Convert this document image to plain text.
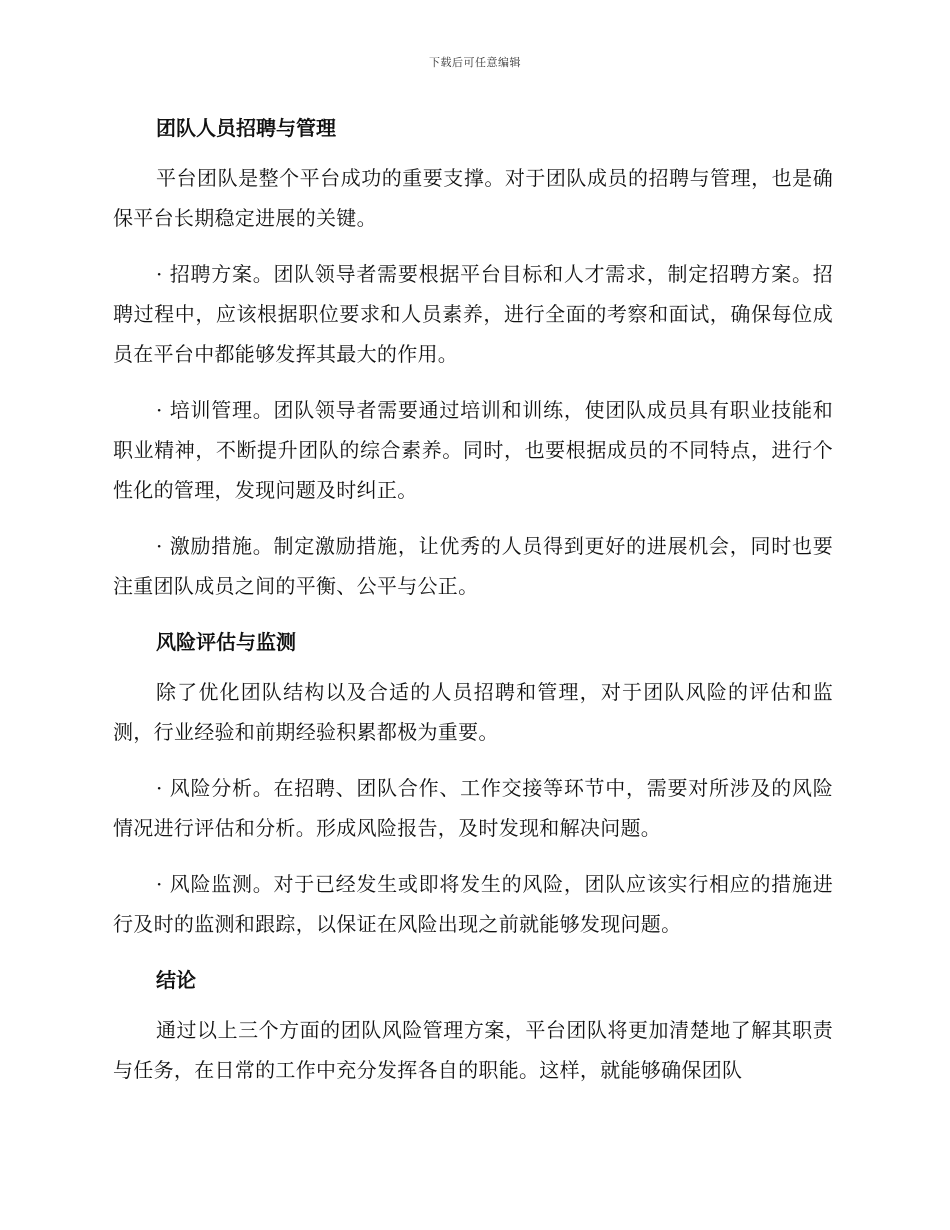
下载后可任意编辑
团队人员招聘与管理

平台团队是整个平台成功的重要支撑。对于团队成员的招聘与管理，也是确保平台长期稳定进展的关键。

· 招聘方案。团队领导者需要根据平台目标和人才需求，制定招聘方案。招聘过程中，应该根据职位要求和人员素养，进行全面的考察和面试，确保每位成员在平台中都能够发挥其最大的作用。

· 培训管理。团队领导者需要通过培训和训练，使团队成员具有职业技能和职业精神，不断提升团队的综合素养。同时，也要根据成员的不同特点，进行个性化的管理，发现问题及时纠正。

· 激励措施。制定激励措施，让优秀的人员得到更好的进展机会，同时也要注重团队成员之间的平衡、公平与公正。

风险评估与监测

除了优化团队结构以及合适的人员招聘和管理，对于团队风险的评估和监测，行业经验和前期经验积累都极为重要。

· 风险分析。在招聘、团队合作、工作交接等环节中，需要对所涉及的风险情况进行评估和分析。形成风险报告，及时发现和解决问题。

· 风险监测。对于已经发生或即将发生的风险，团队应该实行相应的措施进行及时的监测和跟踪，以保证在风险出现之前就能够发现问题。

结论

通过以上三个方面的团队风险管理方案，平台团队将更加清楚地了解其职责与任务，在日常的工作中充分发挥各自的职能。这样，就能够确保团队
